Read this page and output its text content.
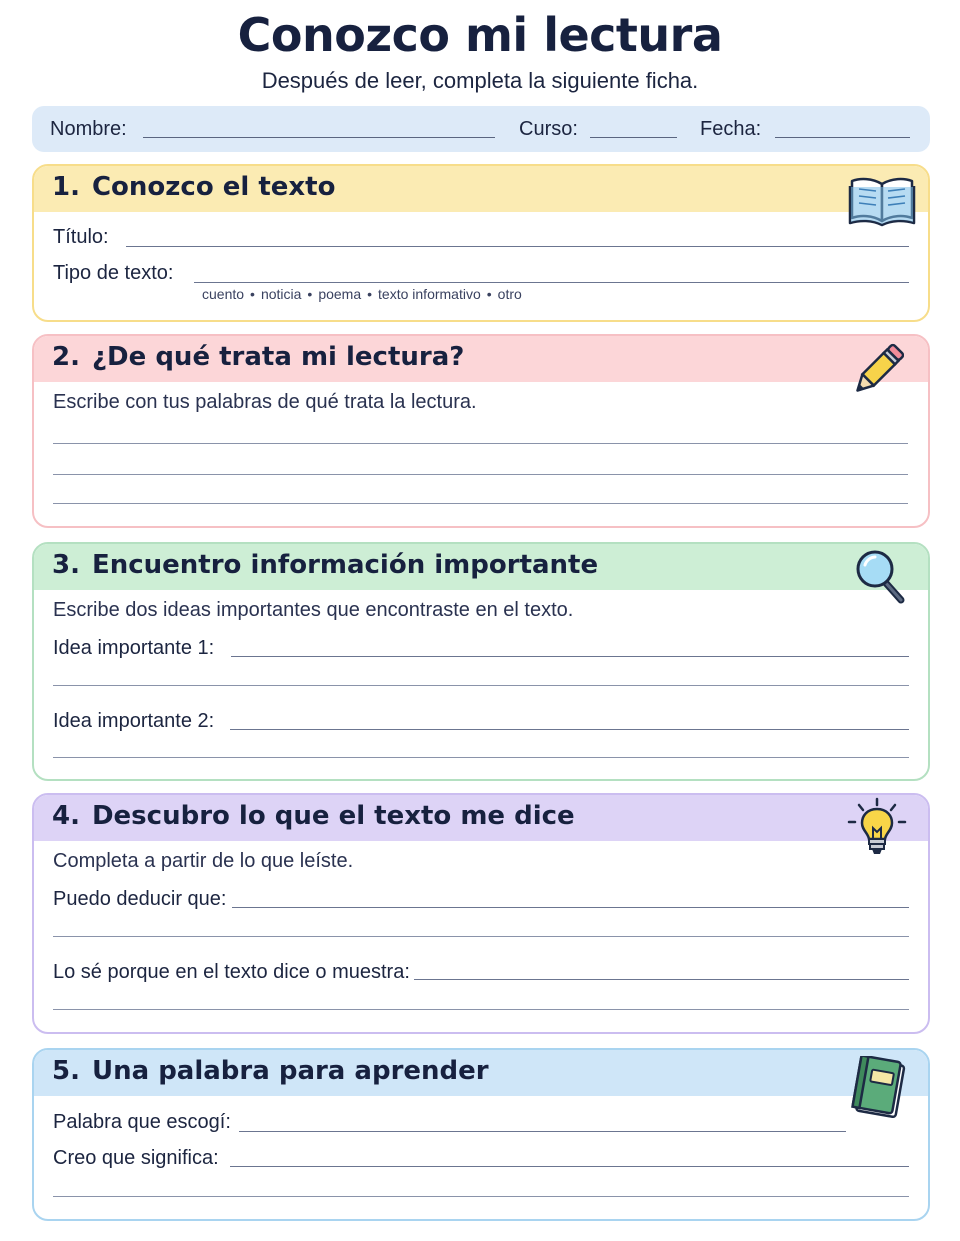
Conozco mi lectura
Después de leer, completa la siguiente ficha.
Nombre:	Curso:	Fecha:
1. Conozco el texto
Título:
Tipo de texto:
cuento • noticia • poema • texto informativo • otro
2. ¿De qué trata mi lectura?
Escribe con tus palabras de qué trata la lectura.
3. Encuentro información importante
Escribe dos ideas importantes que encontraste en el texto.
Idea importante 1:
Idea importante 2:
4. Descubro lo que el texto me dice
Completa a partir de lo que leíste.
Puedo deducir que:
Lo sé porque en el texto dice o muestra:
5. Una palabra para aprender
Palabra que escogí:
Creo que significa:
